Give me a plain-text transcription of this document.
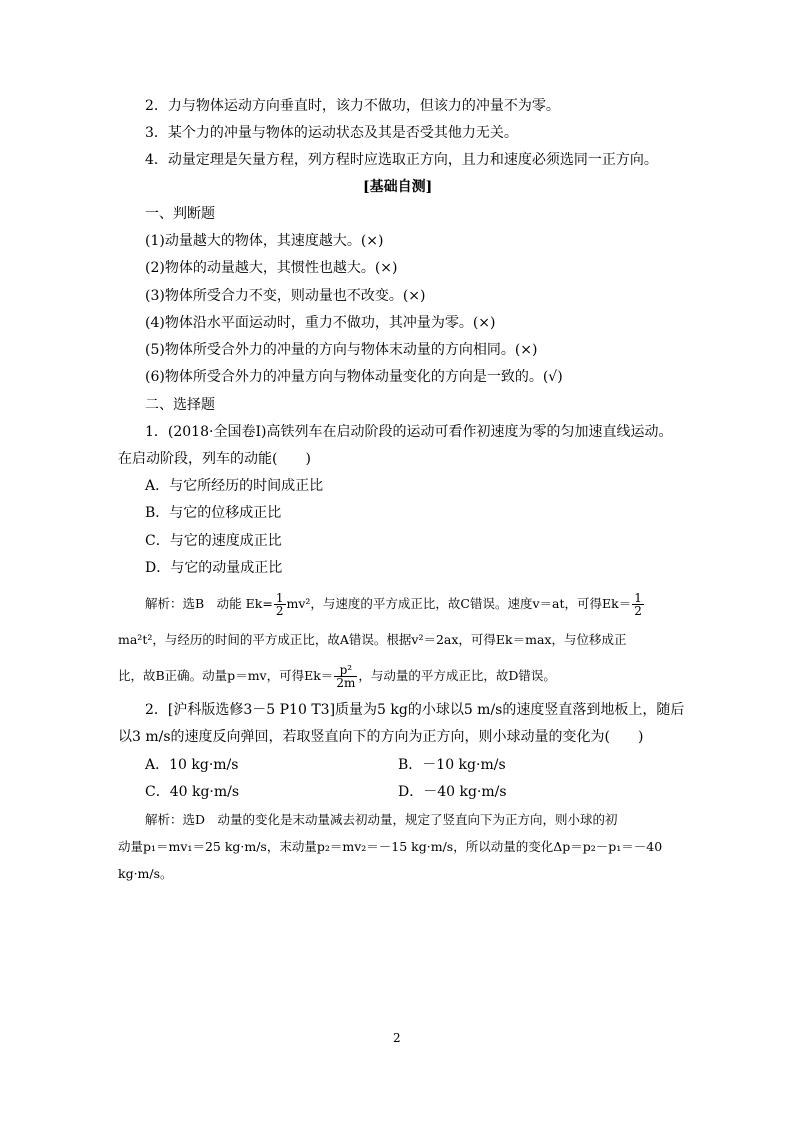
2．力与物体运动方向垂直时，该力不做功，但该力的冲量不为零。
3．某个力的冲量与物体的运动状态及其是否受其他力无关。
4．动量定理是矢量方程，列方程时应选取正方向，且力和速度必须选同一正方向。
[基础自测]
一、判断题
(1)动量越大的物体，其速度越大。(×)
(2)物体的动量越大，其惯性也越大。(×)
(3)物体所受合力不变，则动量也不改变。(×)
(4)物体沿水平面运动时，重力不做功，其冲量为零。(×)
(5)物体所受合外力的冲量的方向与物体末动量的方向相同。(×)
(6)物体所受合外力的冲量方向与物体动量变化的方向是一致的。(√)
二、选择题
1．(2018·全国卷Ⅰ)高铁列车在启动阶段的运动可看作初速度为零的匀加速直线运动。
在启动阶段，列车的动能(　　)
A．与它所经历的时间成正比
B．与它的位移成正比
C．与它的速度成正比
D．与它的动量成正比
解析：选B　动能 $Ek= \frac{1}{2} mv^2$，与速度的平方成正比，故C错误。速度v＝at，可得$Ek= \frac{1}{2}$
ma²t²，与经历的时间的平方成正比，故A错误。根据v²＝2ax，可得Ek＝max，与位移成正
比，故B正确。动量p＝mv，可得$Ek= \frac{\text{p²}}{2m}$ ，与动量的平方成正比，故D错误。
2．[沪科版选修3－5 P10 T3]质量为5 kg的小球以5 m/s的速度竖直落到地板上，随后
以3 m/s的速度反向弹回，若取竖直向下的方向为正方向，则小球动量的变化为(　　)
A．10 kg·m/s	B．－10 kg·m/s
C．40 kg·m/s	D．－40 kg·m/s
解析：选D　动量的变化是末动量减去初动量，规定了竖直向下为正方向，则小球的初
动量p₁＝mv₁＝25 kg·m/s，末动量p₂＝mv₂＝－15 kg·m/s，所以动量的变化Δp＝p₂－p₁＝－40
kg·m/s。
2
